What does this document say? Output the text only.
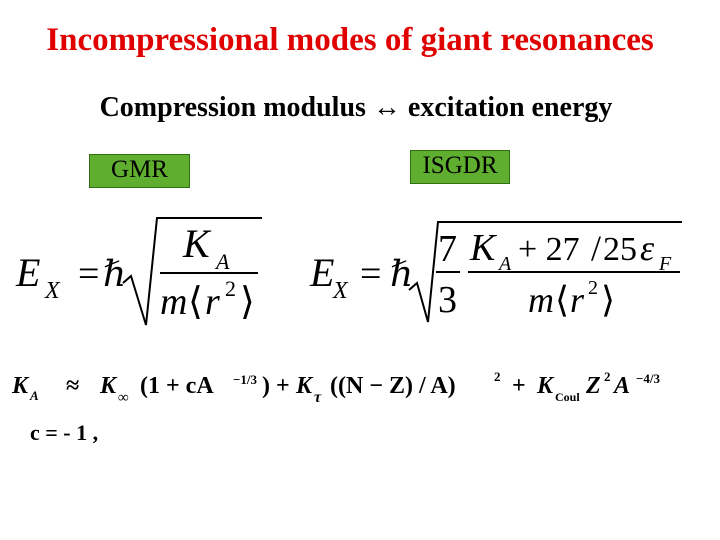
Incompressional modes of giant resonances
Compression modulus ↔ excitation energy
GMR	ISGDR
E X = ℏ
K A
m ⟨ r 2 ⟩
E
X = ℏ
7
3
K A + 27 / 25 ε F
m ⟨ r 2 ⟩
K A ≈ K ∞ (1 + cA −1/3 ) + K τ ((N − Z) / A)	2 + K Coul Z 2 A −4/3
c = - 1 ,
